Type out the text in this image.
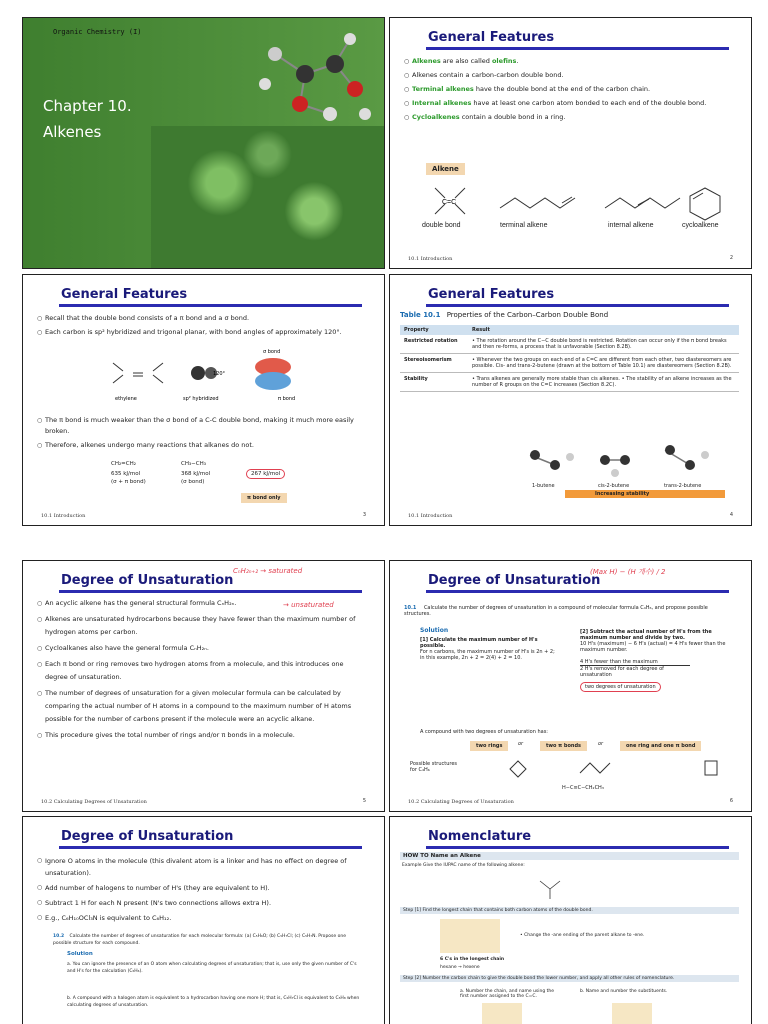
Organic Chemistry (I)
Chapter 10.
Alkenes
General Features
○ Alkenes are also called olefins.
○ Alkenes contain a carbon-carbon double bond.
○ Terminal alkenes have the double bond at the end of the carbon chain.
○ Internal alkenes have at least one carbon atom bonded to each end of the double bond.
○ Cycloalkenes contain a double bond in a ring.
Alkene
C=C
double bond	terminal alkene	internal alkene	cycloalkene
10.1 Introduction	2
General Features
○ Recall that the double bond consists of a π bond and a σ bond.
○ Each carbon is sp² hybridized and trigonal planar, with bond angles of approximately 120°.
120°
σ bond
π bond
ethylene	sp² hybridized
○ The π bond is much weaker than the σ bond of a C-C double bond, making it much more easily broken.
○ Therefore, alkenes undergo many reactions that alkanes do not.
CH₂=CH₂
635 kJ/mol
(σ + π bond)
CH₃−CH₃
368 kJ/mol
(σ bond)
267 kJ/mol
π bond only
10.1 Introduction	3
General Features
Table 10.1 Properties of the Carbon–Carbon Double Bond
Property	Result
Restricted rotation	• The rotation around the C−C double bond is restricted. Rotation can occur only if the π bond breaks and then re-forms, a process that is unfavorable (Section 8.2B).
Stereoisomerism	• Whenever the two groups on each end of a C=C are different from each other, two diastereomers are possible. Cis- and trans-2-butene (drawn at the bottom of Table 10.1) are diastereomers (Section 8.2B).
Stability	• Trans alkenes are generally more stable than cis alkenes. • The stability of an alkene increases as the number of R groups on the C=C increases (Section 8.2C).
1-butene	cis-2-butene	trans-2-butene
Increasing stability
10.1 Introduction	4
Degree of Unsaturation
CₙH₂ₙ₊₂ → saturated
→ unsaturated
○ An acyclic alkene has the general structural formula CₙH₂ₙ.
○ Alkenes are unsaturated hydrocarbons because they have fewer than the maximum number of hydrogen atoms per carbon.
○ Cycloalkanes also have the general formula CₙH₂ₙ.
○ Each π bond or ring removes two hydrogen atoms from a molecule, and this introduces one degree of unsaturation.
○ The number of degrees of unsaturation for a given molecular formula can be calculated by comparing the actual number of H atoms in a compound to the maximum number of H atoms possible for the number of carbons present if the molecule were an acyclic alkane.
○ This procedure gives the total number of rings and/or π bonds in a molecule.
10.2 Calculating Degrees of Unsaturation	5
Degree of Unsaturation
(Max H) − (H 개수) / 2
10.1 Calculate the number of degrees of unsaturation in a compound of molecular formula C₄H₆, and propose possible structures.
Solution
[1] Calculate the maximum number of H's possible.
For n carbons, the maximum number of H's is 2n + 2; in this example, 2n + 2 = 2(4) + 2 = 10.
[2] Subtract the actual number of H's from the maximum number and divide by two.
10 H's (maximum) − 6 H's (actual) = 4 H's fewer than the maximum number.
4 H's fewer than the maximum
2 H's removed for each degree of unsaturation
two degrees of unsaturation
A compound with two degrees of unsaturation has:
two rings	or	two π bonds	or	one ring and one π bond
Possible structures for C₄H₆
H−C≡C−CH₂CH₃
10.2 Calculating Degrees of Unsaturation	6
Degree of Unsaturation
○ Ignore O atoms in the molecule (this divalent atom is a linker and has no effect on degree of unsaturation).
○ Add number of halogens to number of H's (they are equivalent to H).
○ Subtract 1 H for each N present (N's two connections allows extra H).
○ E.g., C₆H₁₀OCl₃N is equivalent to C₆H₁₂.
10.2 Calculate the number of degrees of unsaturation for each molecular formula: (a) C₅H₆O; (b) C₅H₇Cl; (c) C₅H₇N. Propose one possible structure for each compound.
Solution
a. You can ignore the presence of an O atom when calculating degrees of unsaturation; that is, use only the given number of C's and H's for the calculation (C₅H₆).
b. A compound with a halogen atom is equivalent to a hydrocarbon having one more H; that is, C₅H₇Cl is equivalent to C₅H₈ when calculating degrees of unsaturation.
Nomenclature
HOW TO Name an Alkene
Example Give the IUPAC name of the following alkene:
Step [1] Find the longest chain that contains both carbon atoms of the double bond.
• Change the -ane ending of the parent alkane to -ene.
6 C's in the longest chain
hexane → hexene
Step [2] Number the carbon chain to give the double bond the lower number, and apply all other rules of nomenclature.
a. Number the chain, and name using the first number assigned to the C=C.
b. Name and number the substituents.
